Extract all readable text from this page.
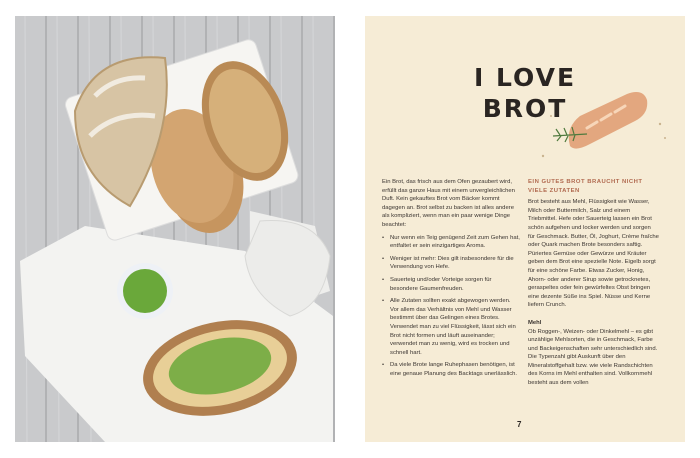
I LOVE
BROT

Ein Brot, das frisch aus dem Ofen gezaubert wird, erfüllt das ganze Haus mit einem unvergleichlichen Duft. Kein gekauftes Brot vom Bäcker kommt dagegen an. Brot selbst zu backen ist alles andere als kompliziert, wenn man ein paar wenige Dinge beachtet:

• Nur wenn ein Teig genügend Zeit zum Gehen hat, entfaltet er sein einzigartiges Aroma.
• Weniger ist mehr: Dies gilt insbesondere für die Verwendung von Hefe.
• Sauerteig und/oder Vorteige sorgen für besondere Gaumenfreuden.
• Alle Zutaten sollten exakt abgewogen werden. Vor allem das Verhältnis von Mehl und Wasser bestimmt über das Gelingen eines Brotes. Verwendet man zu viel Flüssigkeit, lässt sich ein Brot nicht formen und läuft auseinander; verwendet man zu wenig, wird es trocken und schnell hart.
• Da viele Brote lange Ruhephasen benötigen, ist eine genaue Planung des Backtags unerlässlich.

EIN GUTES BROT BRAUCHT NICHT
VIELE ZUTATEN

Brot besteht aus Mehl, Flüssigkeit wie Wasser, Milch oder Buttermilch, Salz und einem Triebmittel. Hefe oder Sauerteig lassen ein Brot schön aufgehen und locker werden und sorgen für Geschmack. Butter, Öl, Joghurt, Crème fraîche oder Quark machen Brote besonders saftig. Püriertes Gemüse oder Gewürze und Kräuter geben dem Brot eine spezielle Note. Eigelb sorgt für eine schöne Farbe. Etwas Zucker, Honig, Ahorn- oder anderer Sirup sowie getrocknetes, geraspeltes oder fein gewürfeltes Obst bringen eine dezente Süße ins Spiel. Nüsse und Kerne liefern Crunch.

Mehl

Ob Roggen-, Weizen- oder Dinkelmehl – es gibt unzählige Mehlsorten, die in Geschmack, Farbe und Backeigenschaften sehr unterschiedlich sind. Die Typenzahl gibt Auskunft über den Mineralstoffgehalt bzw. wie viele Randschichten des Korns im Mehl enthalten sind. Vollkornmehl besteht aus dem vollen

7
